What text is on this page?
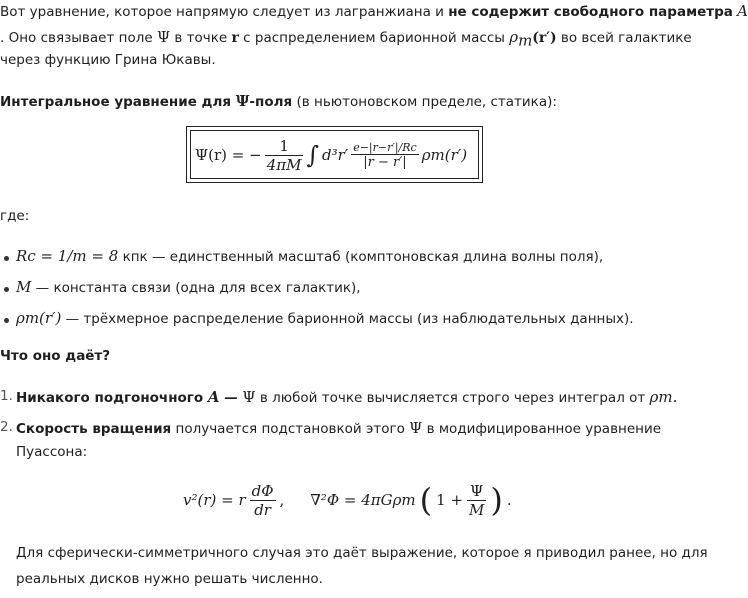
Вот уравнение, которое напрямую следует из лагранжиана и не содержит свободного параметра A
. Оно связывает поле Ψ в точке r с распределением барионной массы $\rho_m(r')$ во всей галактике
через функцию Грина Юкавы.
Интегральное уравнение для Ψ-поля (в ньютоновском пределе, статика):
Ψ(r) = − $\frac{1}{4\pi M}$ ∫ $d^3r' \frac{e-|r-r'|/Rc}{|r - r'|} \rho m(r')$
где:
Rc = 1/m = 8 кпк — единственный масштаб (комптоновская длина волны поля),
M — константа связи (одна для всех галактик),
ρm(r′) — трёхмерное распределение барионной массы (из наблюдательных данных).
Что оно даёт?
1. Никакого подгоночного A — Ψ в любой точке вычисляется строго через интеграл от ρm.
2. Скорость вращения получается подстановкой этого Ψ в модифицированное уравнение
Пуассона:
v²(r) = r $\frac{d\Phi}{dr}$ , ∇²Φ = 4πGρm ( $1 + \frac{\Psi}{M}$ ) .
Для сферически-симметричного случая это даёт выражение, которое я приводил ранее, но для
реальных дисков нужно решать численно.
